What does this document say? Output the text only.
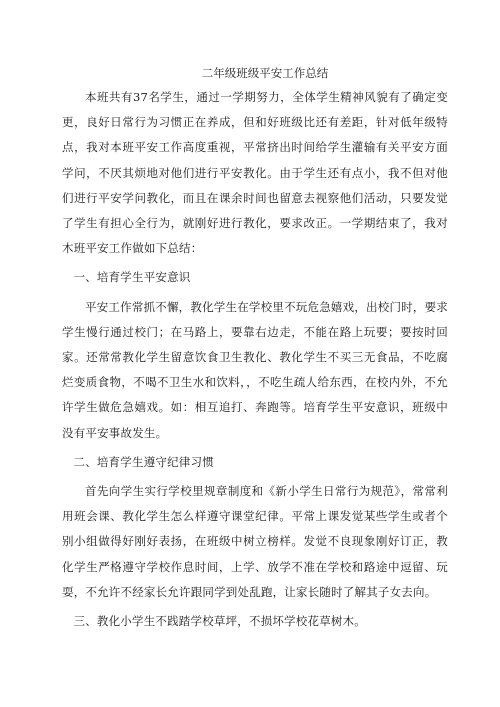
二年级班级平安工作总结

本班共有37名学生，通过一学期努力，全体学生精神风貌有了确定变更，良好日常行为习惯正在养成，但和好班级比还有差距，针对低年级特点，我对本班平安工作高度重视，平常挤出时间给学生灌输有关平安方面学问，不厌其烦地对他们进行平安教化。由于学生还有点小，我不但对他们进行平安学问教化，而且在课余时间也留意去视察他们活动，只要发觉了学生有担心全行为，就刚好进行教化，要求改正。一学期结束了，我对木班平安工作做如下总结：

一、培育学生平安意识

平安工作常抓不懈，教化学生在学校里不玩危急嬉戏，出校门时，要求学生慢行通过校门；在马路上，要靠右边走，不能在路上玩要；要按时回家。还常常教化学生留意饮食卫生教化、教化学生不买三无食品，不吃腐烂变质食物，不喝不卫生水和饮料，，不吃生疏人给东西，在校内外，不允许学生做危急嬉戏。如：相互追打、奔跑等。培育学生平安意识，班级中没有平安事故发生。

二、培育学生遵守纪律习惯

首先向学生实行学校里规章制度和《新小学生日常行为规范》，常常利用班会课、教化学生怎么样遵守课堂纪律。平常上课发觉某些学生或者个别小组做得好刚好表扬，在班级中树立榜样。发觉不良现象刚好订正，教化学生严格遵守学校作息时间，上学、放学不准在学校和路途中逗留、玩耍，不允许不经家长允许跟同学到处乱跑，让家长随时了解其子女去向。

三、教化小学生不践踏学校草坪，不损坏学校花草树木。
